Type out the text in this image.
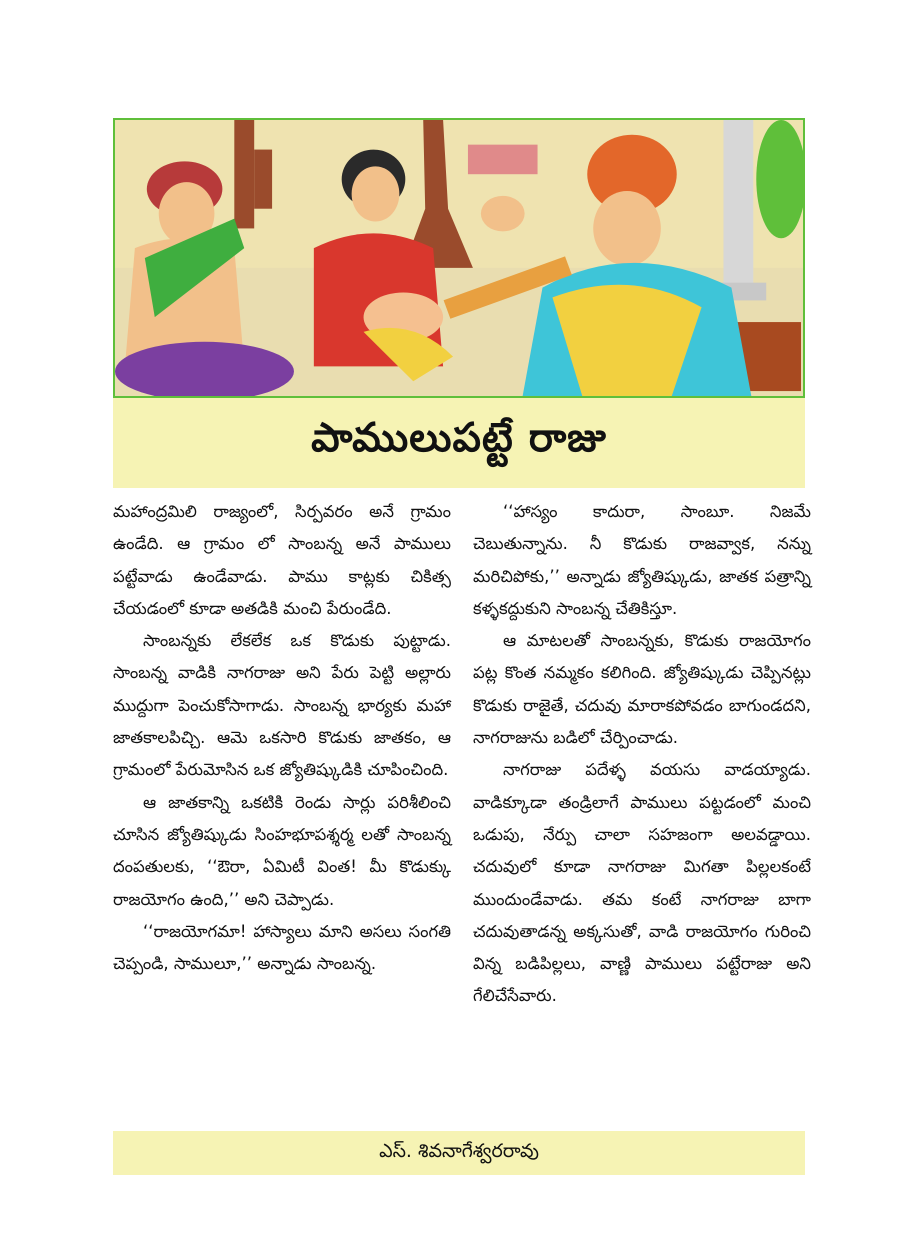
పాములుపట్టే రాజు

మహాంద్రమిలి రాజ్యంలో, సిర్పవరం అనే గ్రామం ఉండేది. ఆ గ్రామం లో సాంబన్న అనే పాములు పట్టేవాడు ఉండేవాడు. పాము కాట్లకు చికిత్స చేయడంలో కూడా అతడికి మంచి పేరుండేది.

సాంబన్నకు లేకలేక ఒక కొడుకు పుట్టాడు. సాంబన్న వాడికి నాగరాజు అని పేరు పెట్టి అల్లారు ముద్దుగా పెంచుకోసాగాడు. సాంబన్న భార్యకు మహా జాతకాలపిచ్చి. ఆమె ఒకసారి కొడుకు జాతకం, ఆ గ్రామంలో పేరుమోసిన ఒక జ్యోతిష్కుడికి చూపించింది.

ఆ జాతకాన్ని ఒకటికి రెండు సార్లు పరిశీలించి చూసిన జ్యోతిష్కుడు సింహభూపశ్శర్మ లతో సాంబన్న దంపతులకు, ‘‘ఔరా, ఏమిటీ వింత! మీ కొడుక్కు రాజయోగం ఉంది,’’ అని చెప్పాడు.

‘‘రాజయోగమా! హాస్యాలు మాని అసలు సంగతి చెప్పండి, సాములూ,’’ అన్నాడు సాంబన్న.

‘‘హాస్యం కాదురా, సాంబూ. నిజమే చెబుతున్నాను. నీ కొడుకు రాజవ్వాక, నన్ను మరిచిపోకు,’’ అన్నాడు జ్యోతిష్కుడు, జాతక పత్రాన్ని కళ్ళకద్దుకుని సాంబన్న చేతికిస్తూ.

ఆ మాటలతో సాంబన్నకు, కొడుకు రాజయోగం పట్ల కొంత నమ్మకం కలిగింది. జ్యోతిష్కుడు చెప్పినట్లు కొడుకు రాజైతే, చదువు మారాకపోవడం బాగుండదని, నాగరాజును బడిలో చేర్పించాడు.

నాగరాజు పదేళ్ళ వయసు వాడయ్యాడు. వాడిక్కూడా తండ్రిలాగే పాములు పట్టడంలో మంచి ఒడుపు, నేర్పు చాలా సహజంగా అలవడ్డాయి. చదువులో కూడా నాగరాజు మిగతా పిల్లలకంటే ముందుండేవాడు. తమ కంటే నాగరాజు బాగా చదువుతాడన్న అక్కసుతో, వాడి రాజయోగం గురించి విన్న బడిపిల్లలు, వాణ్ణి పాములు పట్టేరాజు అని గేలిచేసేవారు.

ఎస్. శివనాగేశ్వరరావు
